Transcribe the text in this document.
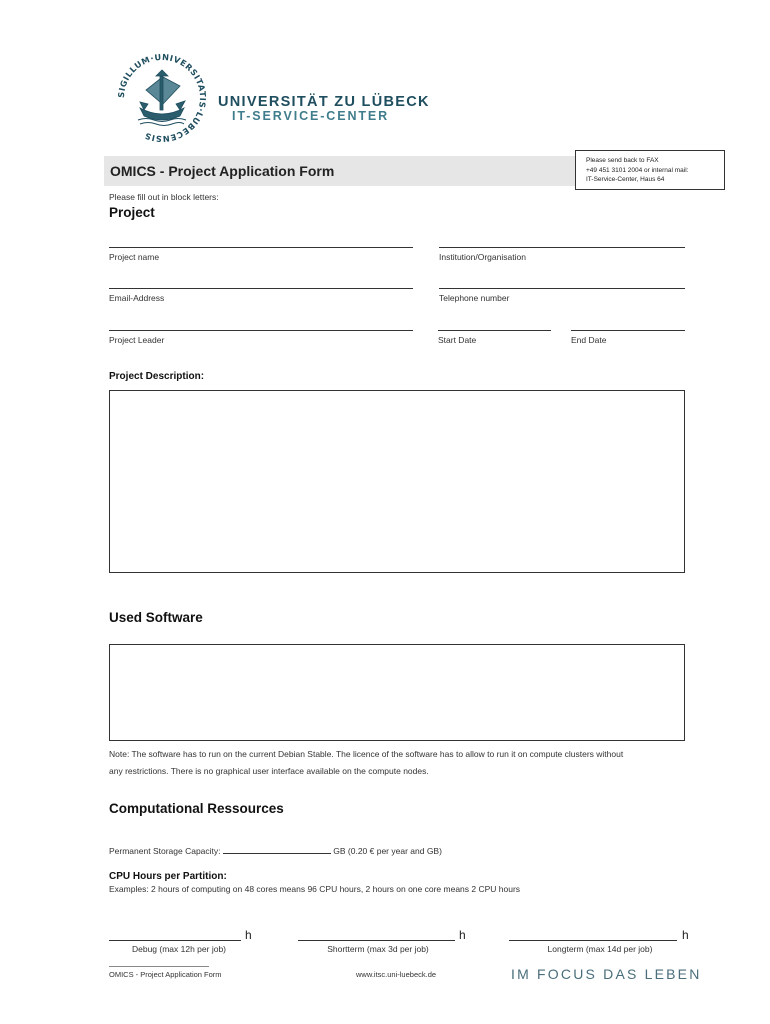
SIGILLUM·UNIVERSITATIS·LUBECENSIS
UNIVERSITÄT ZU LÜBECK
IT-SERVICE-CENTER
OMICS - Project Application Form
Please send back to FAX
+49 451 3101 2004 or internal mail:
IT-Service-Center, Haus 64
Please fill out in block letters:
Project
Project name	Institution/Organisation
Email-Address	Telephone number
Project Leader	Start Date	End Date
Project Description:
Used Software
Note: The software has to run on the current Debian Stable. The licence of the software has to allow to run it on compute clusters without
any restrictions. There is no graphical user interface available on the compute nodes.
Computational Ressources
Permanent Storage Capacity:	GB (0.20 € per year and GB)
CPU Hours per Partition:
Examples: 2 hours of computing on 48 cores means 96 CPU hours, 2 hours on one core means 2 CPU hours
h
Debug (max 12h per job)
h
Shortterm (max 3d per job)
h
Longterm (max 14d per job)
OMICS - Project Application Form	www.itsc.uni-luebeck.de	IM FOCUS DAS LEBEN
